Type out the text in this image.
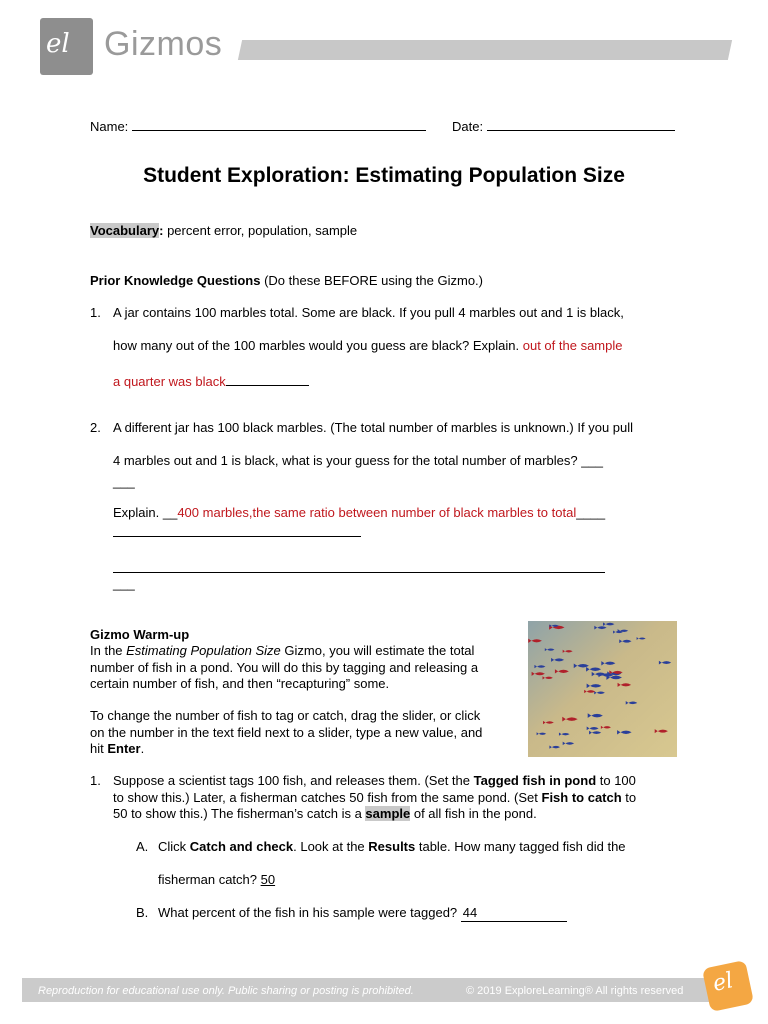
el Gizmos
Name:	Date:
Student Exploration: Estimating Population Size
Vocabulary: percent error, population, sample
Prior Knowledge Questions (Do these BEFORE using the Gizmo.)
1. A jar contains 100 marbles total. Some are black. If you pull 4 marbles out and 1 is black,
how many out of the 100 marbles would you guess are black? Explain. out of the sample
a quarter was black
2. A different jar has 100 black marbles. (The total number of marbles is unknown.) If you pull
4 marbles out and 1 is black, what is your guess for the total number of marbles? ___
___
Explain. __400 marbles,the same ratio between number of black marbles to total____
___
Gizmo Warm-up
In the Estimating Population Size Gizmo, you will estimate the total
number of fish in a pond. You will do this by tagging and releasing a
certain number of fish, and then “recapturing” some.
To change the number of fish to tag or catch, drag the slider, or click
on the number in the text field next to a slider, type a new value, and
hit Enter.
1. Suppose a scientist tags 100 fish, and releases them. (Set the Tagged fish in pond to 100
to show this.) Later, a fisherman catches 50 fish from the same pond. (Set Fish to catch to
50 to show this.) The fisherman’s catch is a sample of all fish in the pond.
A. Click Catch and check. Look at the Results table. How many tagged fish did the
fisherman catch? 50
B. What percent of the fish in his sample were tagged? 44
Reproduction for educational use only. Public sharing or posting is prohibited.	© 2019 ExploreLearning® All rights reserved el
